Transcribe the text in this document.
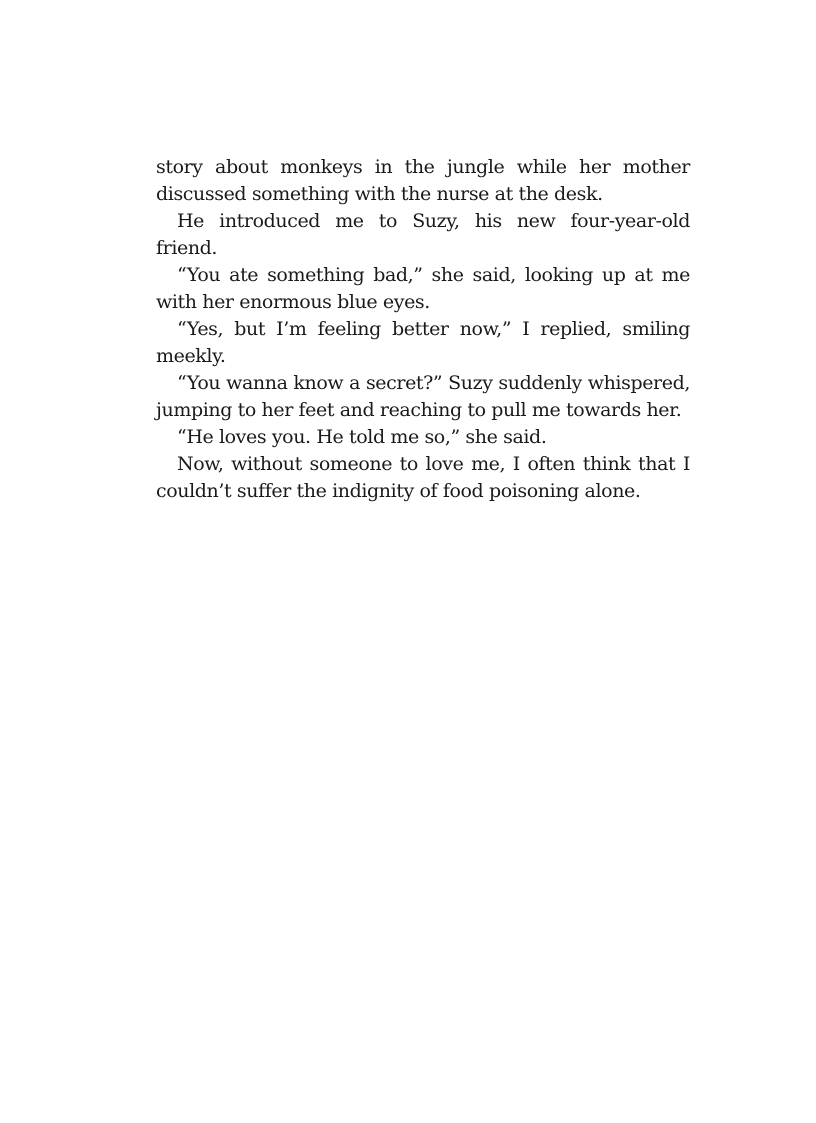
story about monkeys in the jungle while her mother discussed something with the nurse at the desk.

He introduced me to Suzy, his new four-year-old friend.

“You ate something bad,” she said, looking up at me with her enormous blue eyes.

“Yes, but I’m feeling better now,” I replied, smiling meekly.

“You wanna know a secret?” Suzy suddenly whispered, jumping to her feet and reaching to pull me towards her.

“He loves you. He told me so,” she said.

Now, without someone to love me, I often think that I couldn’t suffer the indignity of food poisoning alone.
